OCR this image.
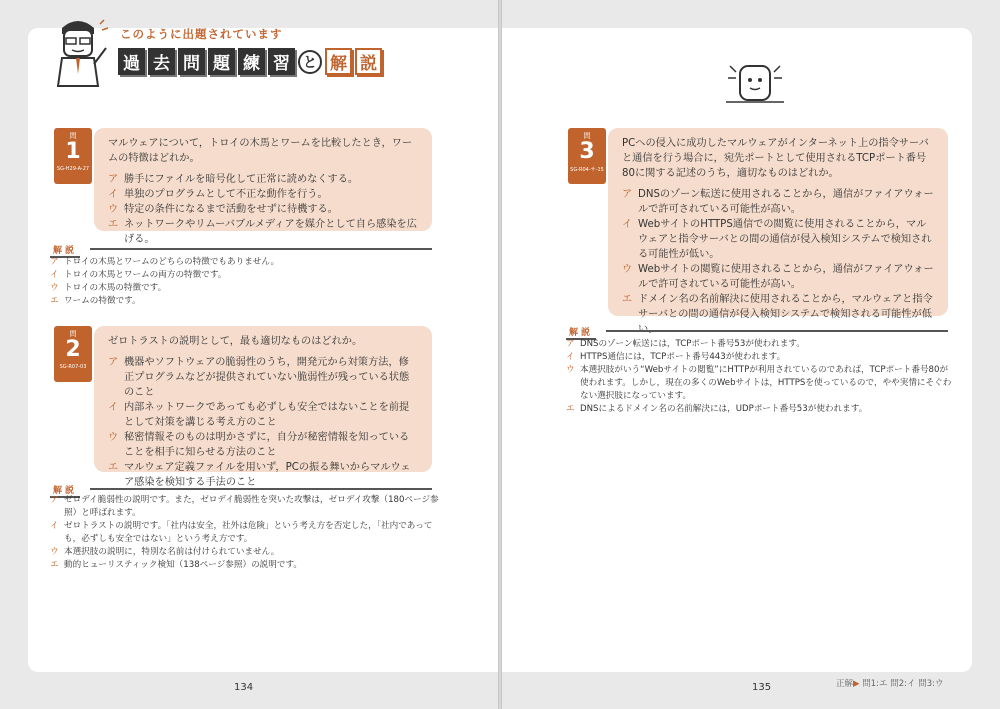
このように出題されています
過 去 問 題 練 習 と 解 説
問
1
SG-H29-A-27
マルウェアについて，トロイの木馬とワームを比較したとき，ワームの特徴はどれか。
ア 勝手にファイルを暗号化して正常に読めなくする。
イ 単独のプログラムとして不正な動作を行う。
ウ 特定の条件になるまで活動をせずに待機する。
エ ネットワークやリムーバブルメディアを媒介として自ら感染を広げる。
解説
ア トロイの木馬とワームのどちらの特徴でもありません。
イ トロイの木馬とワームの両方の特徴です。
ウ トロイの木馬の特徴です。
エ ワームの特徴です。
問
2
SG-R07-03
ゼロトラストの説明として，最も適切なものはどれか。
ア 機器やソフトウェアの脆弱性のうち，開発元から対策方法，修正プログラムなどが提供されていない脆弱性が残っている状態のこと
イ 内部ネットワークであっても必ずしも安全ではないことを前提として対策を講じる考え方のこと
ウ 秘密情報そのものは明かさずに，自分が秘密情報を知っていることを相手に知らせる方法のこと
エ マルウェア定義ファイルを用いず，PCの振る舞いからマルウェア感染を検知する手法のこと
解説
ア ゼロデイ脆弱性の説明です。また，ゼロデイ脆弱性を突いた攻撃は，ゼロデイ攻撃（180ページ参照）と呼ばれます。
イ ゼロトラストの説明です。「社内は安全，社外は危険」という考え方を否定した，「社内であっても，必ずしも安全ではない」という考え方です。
ウ 本選択肢の説明に，特別な名前は付けられていません。
エ 動的ヒューリスティック検知（138ページ参照）の説明です。
問
3
SG-R04-サ-15
PCへの侵入に成功したマルウェアがインターネット上の指令サーバと通信を行う場合に，宛先ポートとして使用されるTCPポート番号80に関する記述のうち，適切なものはどれか。
ア DNSのゾーン転送に使用されることから，通信がファイアウォールで許可されている可能性が高い。
イ WebサイトのHTTPS通信での閲覧に使用されることから，マルウェアと指令サーバとの間の通信が侵入検知システムで検知される可能性が低い。
ウ Webサイトの閲覧に使用されることから，通信がファイアウォールで許可されている可能性が高い。
エ ドメイン名の名前解決に使用されることから，マルウェアと指令サーバとの間の通信が侵入検知システムで検知される可能性が低い。
解説
ア DNSのゾーン転送には，TCPポート番号53が使われます。
イ HTTPS通信には，TCPポート番号443が使われます。
ウ 本選択肢がいう“Webサイトの閲覧”にHTTPが利用されているのであれば，TCPポート番号80が使われます。しかし，現在の多くのWebサイトは，HTTPSを使っているので，やや実情にそぐわない選択肢になっています。
エ DNSによるドメイン名の名前解決には，UDPポート番号53が使われます。
134	135	正解▶ 問1:エ 問2:イ 問3:ウ
